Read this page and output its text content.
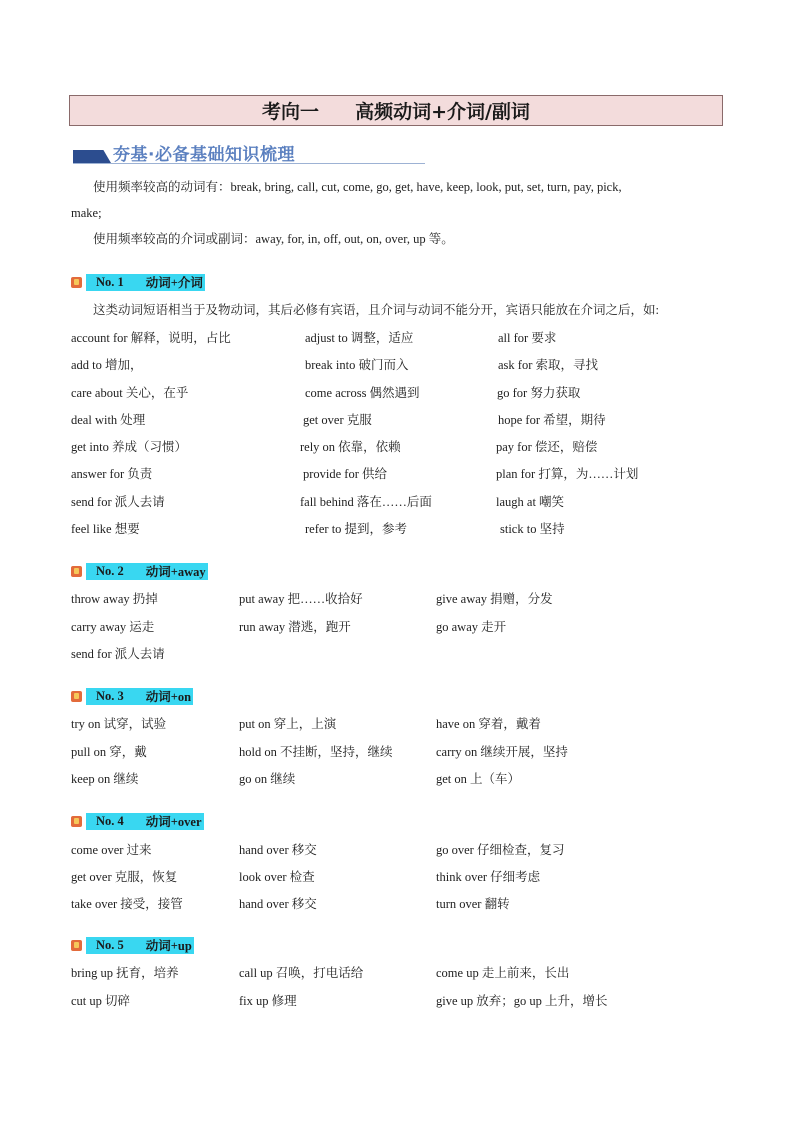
考向一 高频动词+介词/副词
夯基·必备基础知识梳理
使用频率较高的动词有：break, bring, call, cut, come, go, get, have, keep, look, put, set, turn, pay, pick,
make;
使用频率较高的介词或副词：away, for, in, off, out, on, over, up 等。
No. 1 动词+介词
这类动词短语相当于及物动词，其后必修有宾语，且介词与动词不能分开，宾语只能放在介词之后，如:
account for 解释，说明，占比	adjust to 调整，适应	all for 要求
add to 增加，	break into 破门而入	ask for 索取，寻找
care about 关心，在乎	come across 偶然遇到	go for 努力获取
deal with 处理	get over 克服	hope for 希望，期待
get into 养成（习惯）	rely on 依靠，依赖	pay for 偿还，赔偿
answer for 负责	provide for 供给	plan for 打算，为……计划
send for 派人去请	fall behind 落在……后面	laugh at 嘲笑
feel like 想要	refer to 提到，参考	stick to 坚持
No. 2 动词+away
throw away 扔掉	put away 把……收拾好	give away 捐赠，分发
carry away 运走	run away 潜逃，跑开	go away 走开
send for 派人去请
No. 3 动词+on
try on 试穿，试验	put on 穿上，上演	have on 穿着，戴着
pull on 穿，戴	hold on 不挂断，坚持，继续	carry on 继续开展，坚持
keep on 继续	go on 继续	get on 上（车）
No. 4 动词+over
come over 过来	hand over 移交	go over 仔细检查，复习
get over 克服，恢复	look over 检查	think over 仔细考虑
take over 接受，接管	hand over 移交	turn over 翻转
No. 5 动词+up
bring up 抚育，培养	call up 召唤，打电话给	come up 走上前来，长出
cut up 切碎	fix up 修理	give up 放弃；go up 上升，增长
